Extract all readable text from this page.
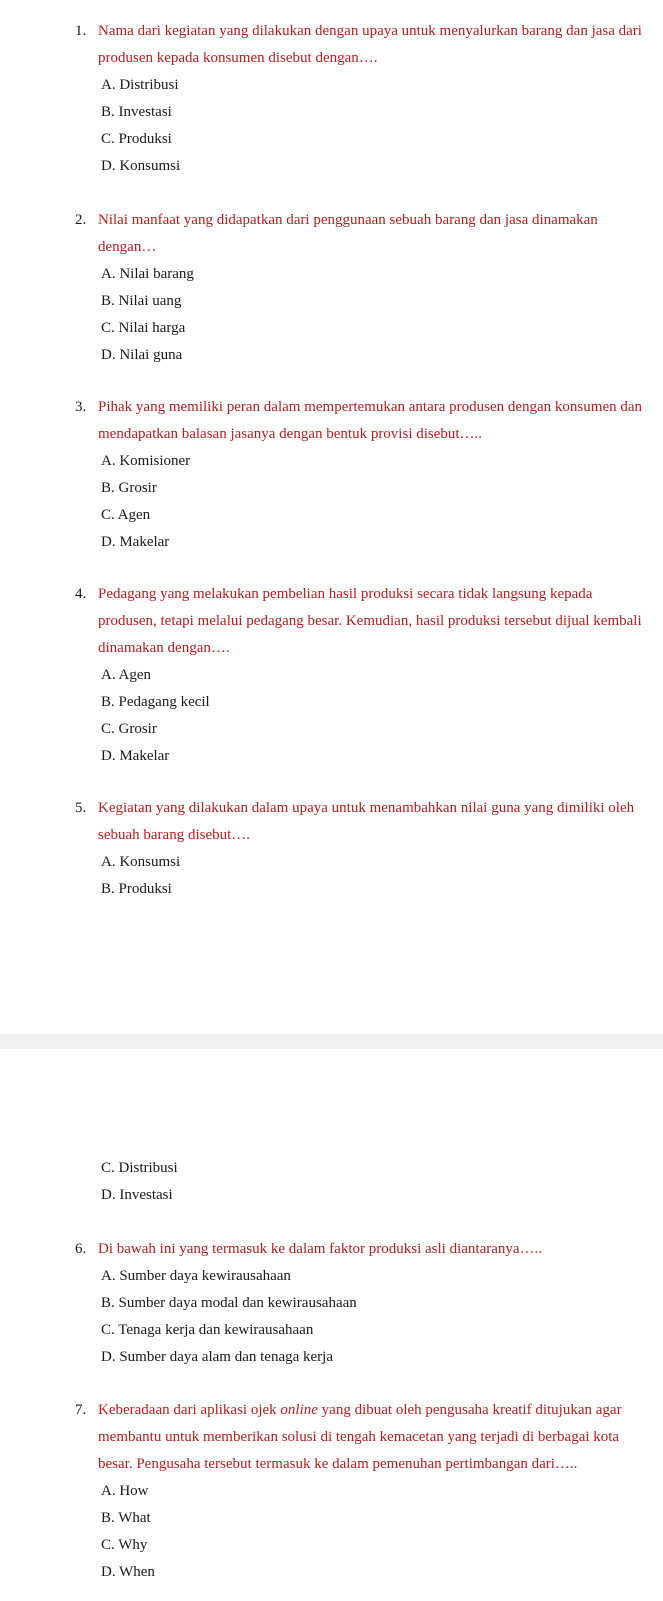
1. Nama dari kegiatan yang dilakukan dengan upaya untuk menyalurkan barang dan jasa dari produsen kepada konsumen disebut dengan….
A. Distribusi
B. Investasi
C. Produksi
D. Konsumsi
2. Nilai manfaat yang didapatkan dari penggunaan sebuah barang dan jasa dinamakan dengan…
A. Nilai barang
B. Nilai uang
C. Nilai harga
D. Nilai guna
3. Pihak yang memiliki peran dalam mempertemukan antara produsen dengan konsumen dan mendapatkan balasan jasanya dengan bentuk provisi disebut…..
A. Komisioner
B. Grosir
C. Agen
D. Makelar
4. Pedagang yang melakukan pembelian hasil produksi secara tidak langsung kepada produsen, tetapi melalui pedagang besar. Kemudian, hasil produksi tersebut dijual kembali dinamakan dengan….
A. Agen
B. Pedagang kecil
C. Grosir
D. Makelar
5. Kegiatan yang dilakukan dalam upaya untuk menambahkan nilai guna yang dimiliki oleh sebuah barang disebut….
A. Konsumsi
B. Produksi
C. Distribusi
D. Investasi
6. Di bawah ini yang termasuk ke dalam faktor produksi asli diantaranya…..
A. Sumber daya kewirausahaan
B. Sumber daya modal dan kewirausahaan
C. Tenaga kerja dan kewirausahaan
D. Sumber daya alam dan tenaga kerja
7. Keberadaan dari aplikasi ojek online yang dibuat oleh pengusaha kreatif ditujukan agar membantu untuk memberikan solusi di tengah kemacetan yang terjadi di berbagai kota besar. Pengusaha tersebut termasuk ke dalam pemenuhan pertimbangan dari…..
A. How
B. What
C. Why
D. When
